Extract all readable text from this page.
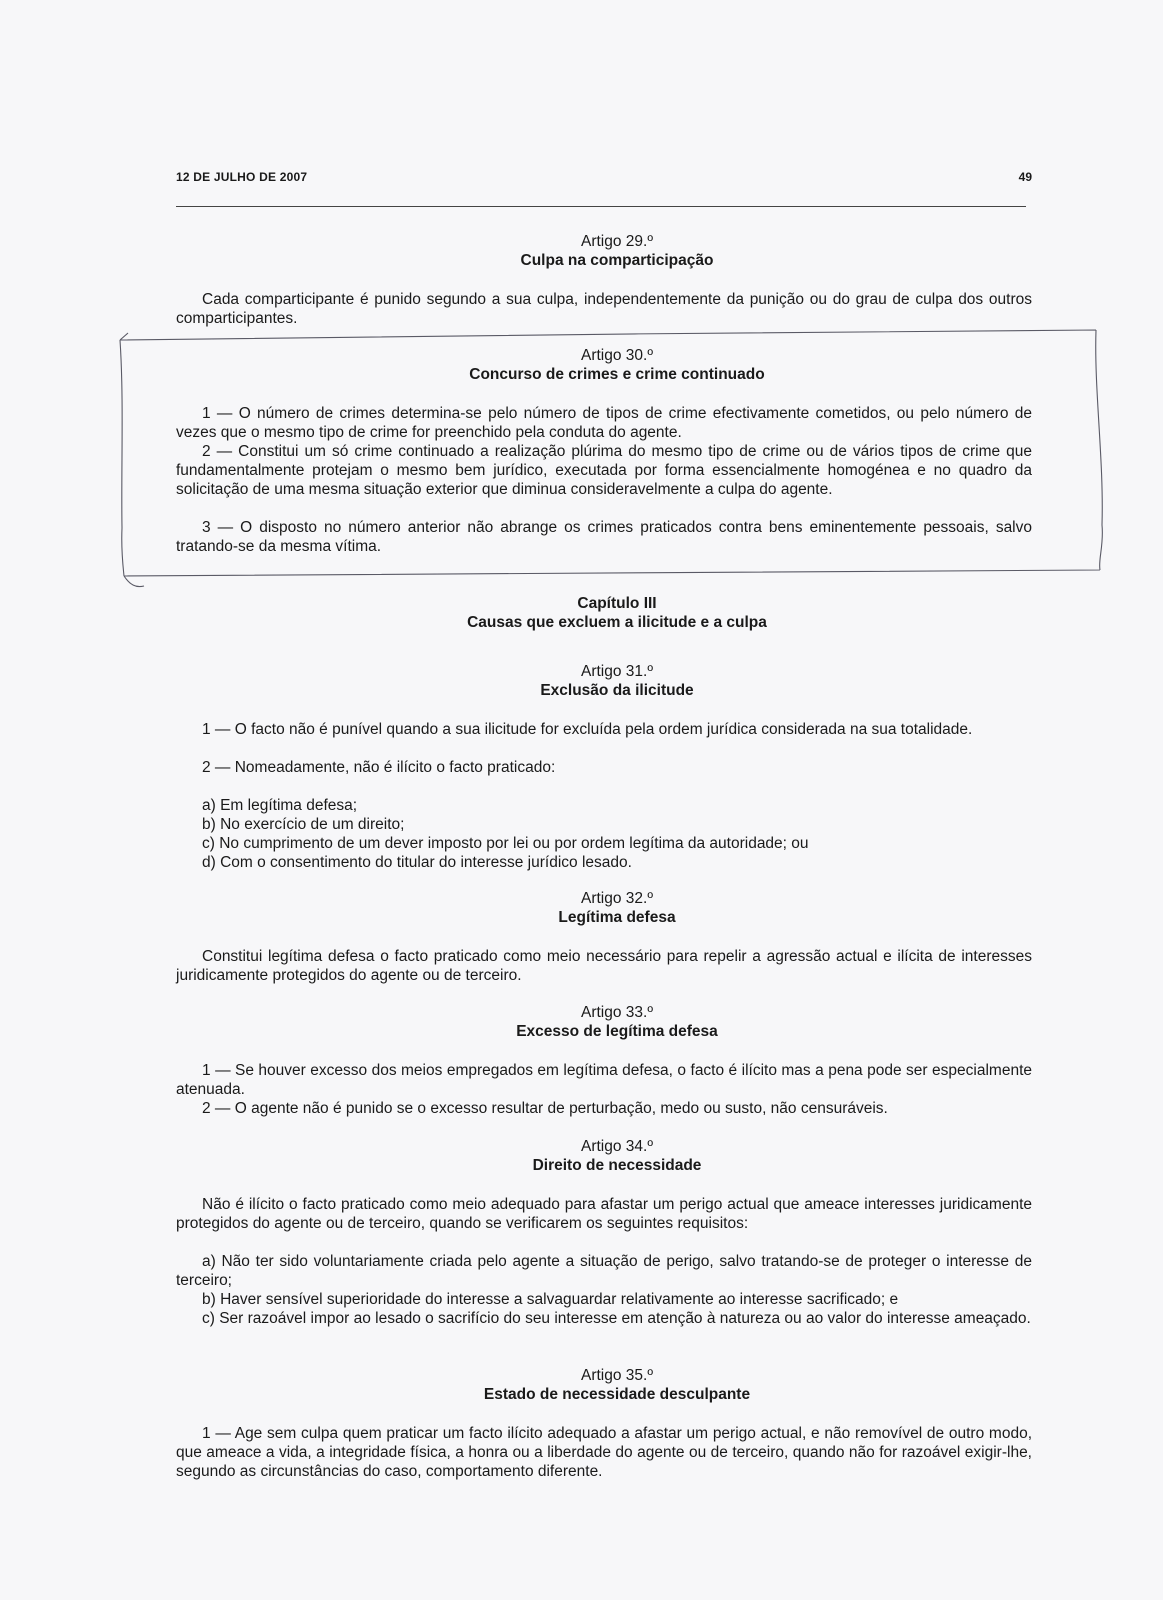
12 DE JULHO DE 2007	49
Artigo 29.º
Culpa na comparticipação
Cada comparticipante é punido segundo a sua culpa, independentemente da punição ou do grau de culpa dos outros comparticipantes.
Artigo 30.º
Concurso de crimes e crime continuado
1 — O número de crimes determina-se pelo número de tipos de crime efectivamente cometidos, ou pelo número de vezes que o mesmo tipo de crime for preenchido pela conduta do agente.
2 — Constitui um só crime continuado a realização plúrima do mesmo tipo de crime ou de vários tipos de crime que fundamentalmente protejam o mesmo bem jurídico, executada por forma essencialmente homogénea e no quadro da solicitação de uma mesma situação exterior que diminua consideravelmente a culpa do agente.
3 — O disposto no número anterior não abrange os crimes praticados contra bens eminentemente pessoais, salvo tratando-se da mesma vítima.
Capítulo III
Causas que excluem a ilicitude e a culpa
Artigo 31.º
Exclusão da ilicitude
1 — O facto não é punível quando a sua ilicitude for excluída pela ordem jurídica considerada na sua totalidade.
2 — Nomeadamente, não é ilícito o facto praticado:
a) Em legítima defesa;
b) No exercício de um direito;
c) No cumprimento de um dever imposto por lei ou por ordem legítima da autoridade; ou
d) Com o consentimento do titular do interesse jurídico lesado.
Artigo 32.º
Legítima defesa
Constitui legítima defesa o facto praticado como meio necessário para repelir a agressão actual e ilícita de interesses juridicamente protegidos do agente ou de terceiro.
Artigo 33.º
Excesso de legítima defesa
1 — Se houver excesso dos meios empregados em legítima defesa, o facto é ilícito mas a pena pode ser especialmente atenuada.
2 — O agente não é punido se o excesso resultar de perturbação, medo ou susto, não censuráveis.
Artigo 34.º
Direito de necessidade
Não é ilícito o facto praticado como meio adequado para afastar um perigo actual que ameace interesses juridicamente protegidos do agente ou de terceiro, quando se verificarem os seguintes requisitos:
a) Não ter sido voluntariamente criada pelo agente a situação de perigo, salvo tratando-se de proteger o interesse de terceiro;
b) Haver sensível superioridade do interesse a salvaguardar relativamente ao interesse sacrificado; e
c) Ser razoável impor ao lesado o sacrifício do seu interesse em atenção à natureza ou ao valor do interesse ameaçado.
Artigo 35.º
Estado de necessidade desculpante
1 — Age sem culpa quem praticar um facto ilícito adequado a afastar um perigo actual, e não removível de outro modo, que ameace a vida, a integridade física, a honra ou a liberdade do agente ou de terceiro, quando não for razoável exigir-lhe, segundo as circunstâncias do caso, comportamento diferente.
